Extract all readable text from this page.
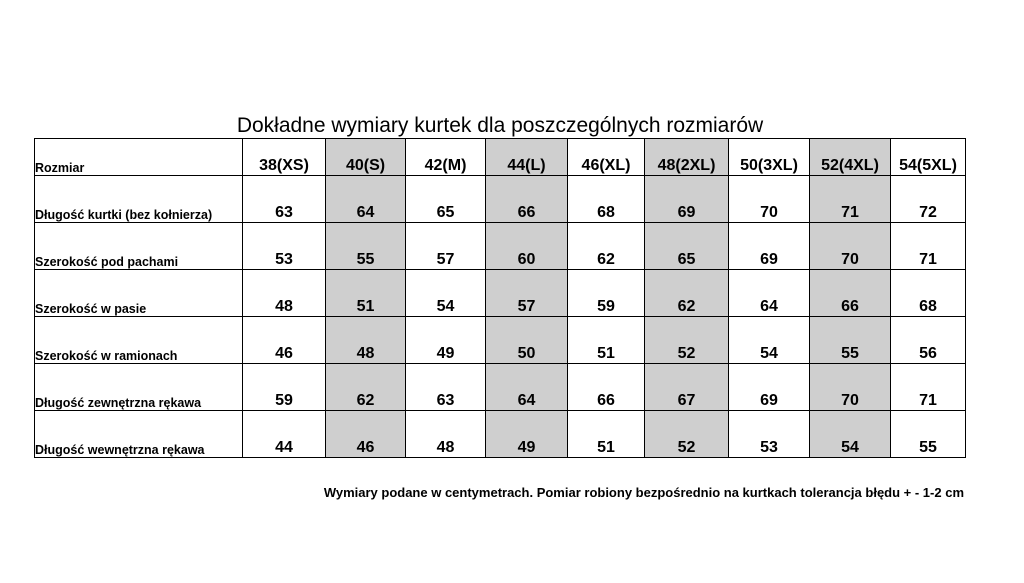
Dokładne wymiary kurtek dla poszczególnych rozmiarów
Rozmiar	38(XS)	40(S)	42(M)	44(L)	46(XL)	48(2XL)	50(3XL)	52(4XL)	54(5XL)
Długość kurtki (bez kołnierza)	63	64	65	66	68	69	70	71	72
Szerokość pod pachami	53	55	57	60	62	65	69	70	71
Szerokość w pasie	48	51	54	57	59	62	64	66	68
Szerokość w ramionach	46	48	49	50	51	52	54	55	56
Długość zewnętrzna rękawa	59	62	63	64	66	67	69	70	71
Długość wewnętrzna rękawa	44	46	48	49	51	52	53	54	55
Wymiary podane w centymetrach. Pomiar robiony bezpośrednio na kurtkach tolerancja błędu + - 1-2 cm
